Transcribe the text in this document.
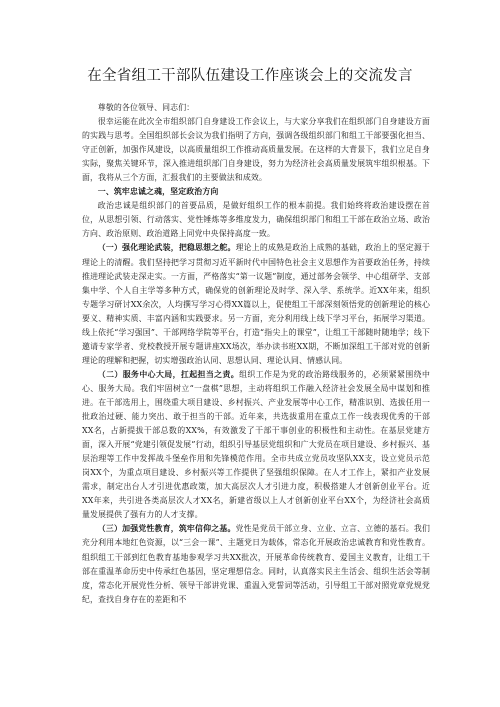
在全省组工干部队伍建设工作座谈会上的交流发言

尊敬的各位领导、同志们：

很幸运能在此次全市组织部门自身建设工作会议上，与大家分享我们在组织部门自身建设方面的实践与思考。全国组织部长会议为我们指明了方向，强调各级组织部门和组工干部要强化担当、守正创新，加强作风建设，以高质量组织工作推动高质量发展。在这样的大背景下，我们立足自身实际，聚焦关键环节，深入推进组织部门自身建设，努力为经济社会高质量发展筑牢组织根基。下面，我将从三个方面，汇报我们的主要做法和成效。

一、筑牢忠诚之魂，坚定政治方向

政治忠诚是组织部门的首要品质，是做好组织工作的根本前提。我们始终将政治建设摆在首位，从思想引领、行动落实、党性锤炼等多维度发力，确保组织部门和组工干部在政治立场、政治方向、政治原则、政治道路上同党中央保持高度一致。

（一）强化理论武装，把稳思想之舵。理论上的成熟是政治上成熟的基础，政治上的坚定源于理论上的清醒。我们坚持把学习贯彻习近平新时代中国特色社会主义思想作为首要政治任务，持续推进理论武装走深走实。一方面，严格落实“第一议题”制度，通过部务会领学、中心组研学、支部集中学、个人自主学等多种方式，确保党的创新理论及时学、深入学、系统学。近XX年来，组织专题学习研讨XX余次，人均撰写学习心得XX篇以上，促使组工干部深刻领悟党的创新理论的核心要义、精神实质、丰富内涵和实践要求。另一方面，充分利用线上线下学习平台，拓展学习渠道。线上依托“学习强国”、干部网络学院等平台，打造“指尖上的课堂”，让组工干部随时随地学；线下邀请专家学者、党校教授开展专题讲座XX场次，举办读书班XX期，不断加深组工干部对党的创新理论的理解和把握，切实增强政治认同、思想认同、理论认同、情感认同。

（二）服务中心大局，扛起担当之责。组织工作是为党的政治路线服务的，必须紧紧围绕中心、服务大局。我们牢固树立“一盘棋”思想，主动将组织工作融入经济社会发展全局中谋划和推进。在干部选用上，围绕重大项目建设、乡村振兴、产业发展等中心工作，精准识别、选拔任用一批政治过硬、能力突出、敢于担当的干部。近年来，共选拔重用在重点工作一线表现优秀的干部XX名，占新提拔干部总数的XX%，有效激发了干部干事创业的积极性和主动性。在基层党建方面，深入开展“党建引领促发展”行动，组织引导基层党组织和广大党员在项目建设、乡村振兴、基层治理等工作中发挥战斗堡垒作用和先锋模范作用。全市共成立党员攻坚队XX支，设立党员示范岗XX个，为重点项目建设、乡村振兴等工作提供了坚强组织保障。在人才工作上，紧扣产业发展需求，制定出台人才引进优惠政策，加大高层次人才引进力度，积极搭建人才创新创业平台。近XX年来，共引进各类高层次人才XX名，新建省级以上人才创新创业平台XX个，为经济社会高质量发展提供了强有力的人才支撑。

（三）加强党性教育，筑牢信仰之基。党性是党员干部立身、立业、立言、立德的基石。我们充分利用本地红色资源，以“三会一课”、主题党日为载体，常态化开展政治忠诚教育和党性教育。组织组工干部到红色教育基地参观学习共XX批次，开展革命传统教育、爱国主义教育，让组工干部在重温革命历史中传承红色基因，坚定理想信念。同时，认真落实民主生活会、组织生活会等制度，常态化开展党性分析、领导干部讲党课、重温入党誓词等活动，引导组工干部对照党章党规党纪，查找自身存在的差距和不
